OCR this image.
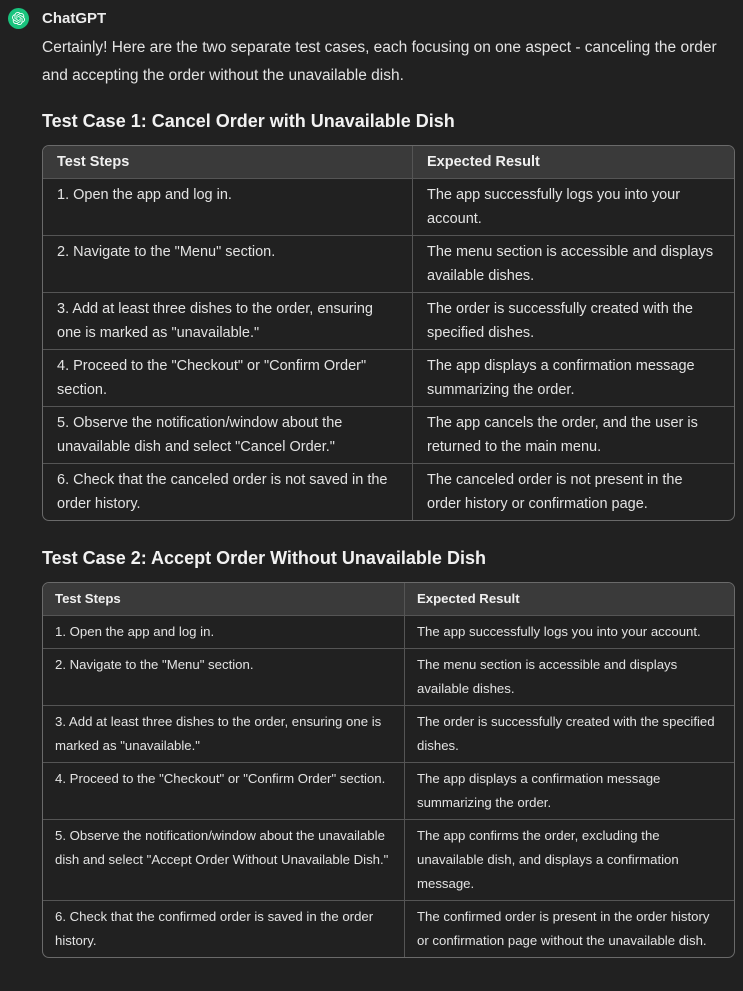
ChatGPT

Certainly! Here are the two separate test cases, each focusing on one aspect - canceling the order and accepting the order without the unavailable dish.

Test Case 1: Cancel Order with Unavailable Dish
Test Steps	Expected Result
1. Open the app and log in.	The app successfully logs you into your account.
2. Navigate to the "Menu" section.	The menu section is accessible and displays available dishes.
3. Add at least three dishes to the order, ensuring one is marked as "unavailable."	The order is successfully created with the specified dishes.
4. Proceed to the "Checkout" or "Confirm Order" section.	The app displays a confirmation message summarizing the order.
5. Observe the notification/window about the unavailable dish and select "Cancel Order."	The app cancels the order, and the user is returned to the main menu.
6. Check that the canceled order is not saved in the order history.	The canceled order is not present in the order history or confirmation page.
Test Case 2: Accept Order Without Unavailable Dish
Test Steps	Expected Result
1. Open the app and log in.	The app successfully logs you into your account.
2. Navigate to the "Menu" section.	The menu section is accessible and displays available dishes.
3. Add at least three dishes to the order, ensuring one is marked as "unavailable."	The order is successfully created with the specified dishes.
4. Proceed to the "Checkout" or "Confirm Order" section.	The app displays a confirmation message summarizing the order.
5. Observe the notification/window about the unavailable dish and select "Accept Order Without Unavailable Dish."	The app confirms the order, excluding the unavailable dish, and displays a confirmation message.
6. Check that the confirmed order is saved in the order history.	The confirmed order is present in the order history or confirmation page without the unavailable dish.
